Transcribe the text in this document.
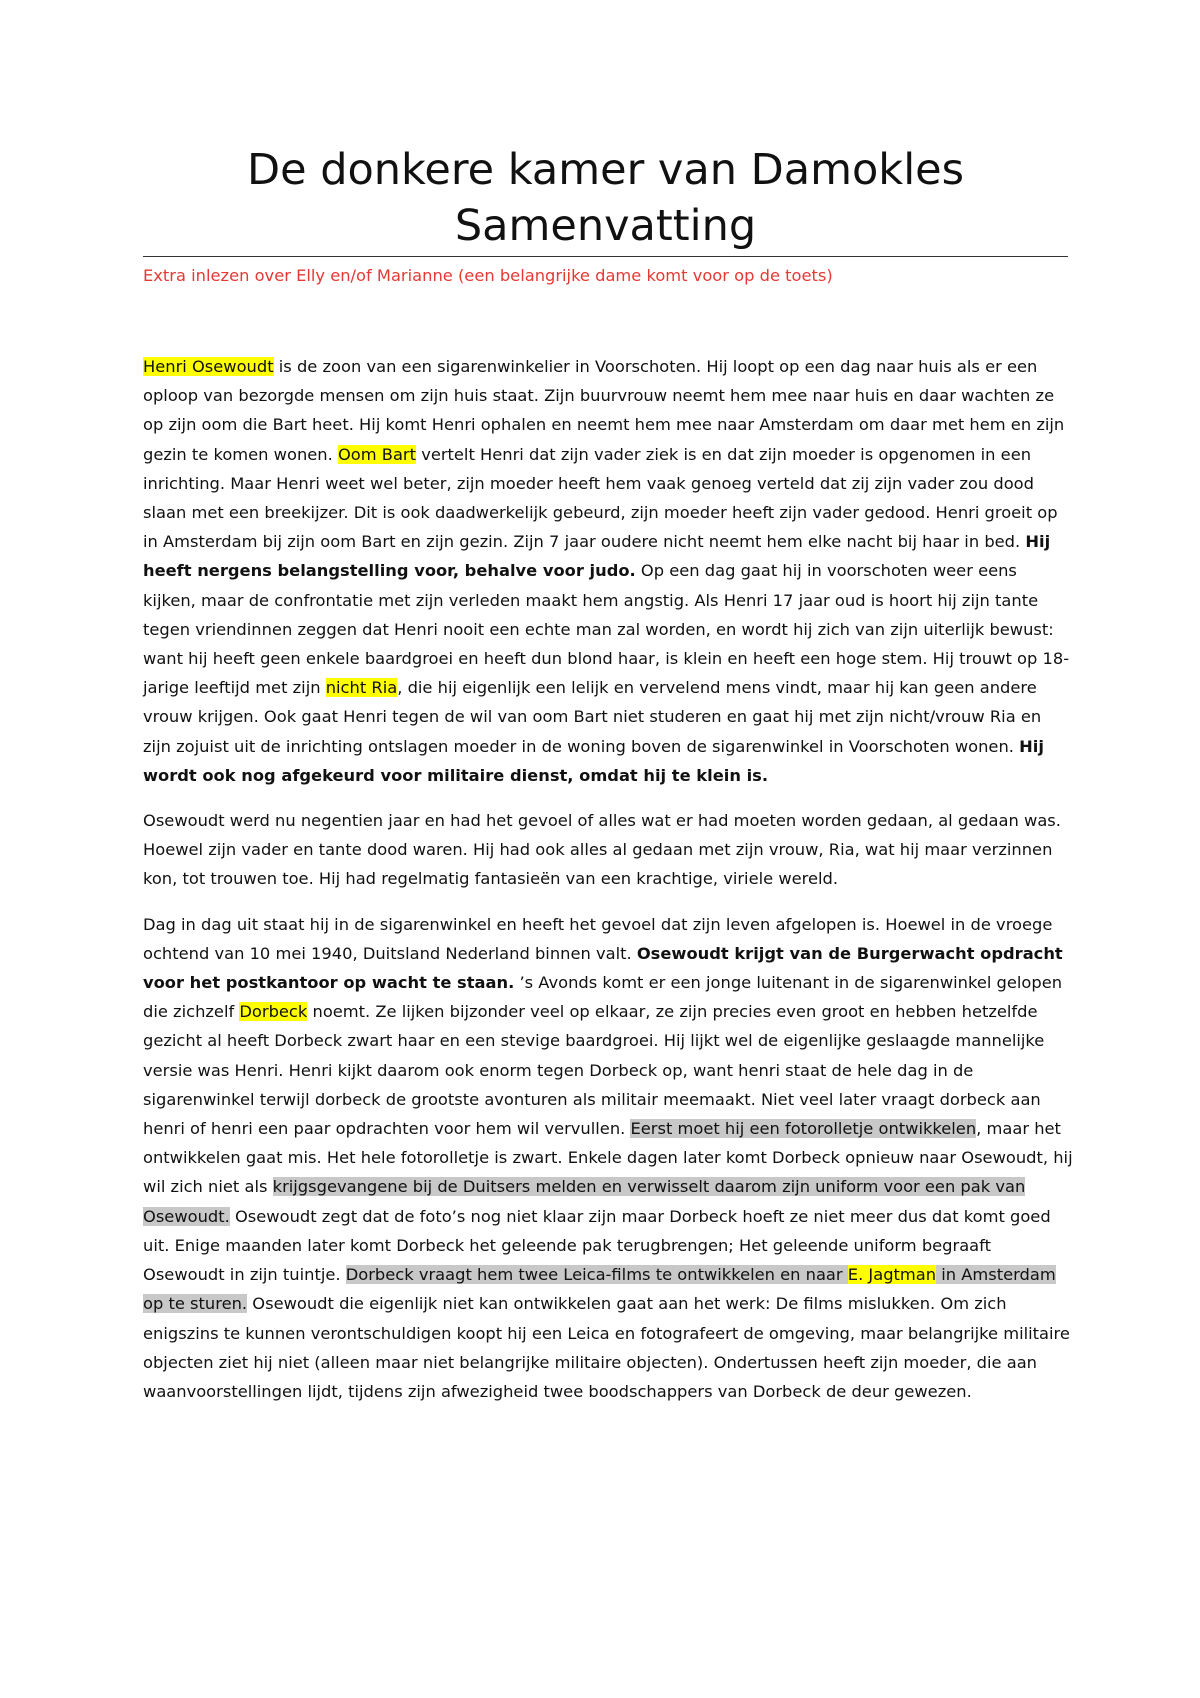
De donkere kamer van Damokles
Samenvatting
Extra inlezen over Elly en/of Marianne (een belangrijke dame komt voor op de toets)

Henri Osewoudt is de zoon van een sigarenwinkelier in Voorschoten. Hij loopt op een dag naar huis als er een oploop van bezorgde mensen om zijn huis staat. Zijn buurvrouw neemt hem mee naar huis en daar wachten ze op zijn oom die Bart heet. Hij komt Henri ophalen en neemt hem mee naar Amsterdam om daar met hem en zijn gezin te komen wonen. Oom Bart vertelt Henri dat zijn vader ziek is en dat zijn moeder is opgenomen in een inrichting. Maar Henri weet wel beter, zijn moeder heeft hem vaak genoeg verteld dat zij zijn vader zou dood slaan met een breekijzer. Dit is ook daadwerkelijk gebeurd, zijn moeder heeft zijn vader gedood. Henri groeit op in Amsterdam bij zijn oom Bart en zijn gezin. Zijn 7 jaar oudere nicht neemt hem elke nacht bij haar in bed. Hij heeft nergens belangstelling voor, behalve voor judo. Op een dag gaat hij in voorschoten weer eens kijken, maar de confrontatie met zijn verleden maakt hem angstig. Als Henri 17 jaar oud is hoort hij zijn tante tegen vriendinnen zeggen dat Henri nooit een echte man zal worden, en wordt hij zich van zijn uiterlijk bewust: want hij heeft geen enkele baardgroei en heeft dun blond haar, is klein en heeft een hoge stem. Hij trouwt op 18-jarige leeftijd met zijn nicht Ria, die hij eigenlijk een lelijk en vervelend mens vindt, maar hij kan geen andere vrouw krijgen. Ook gaat Henri tegen de wil van oom Bart niet studeren en gaat hij met zijn nicht/vrouw Ria en zijn zojuist uit de inrichting ontslagen moeder in de woning boven de sigarenwinkel in Voorschoten wonen. Hij wordt ook nog afgekeurd voor militaire dienst, omdat hij te klein is.

Osewoudt werd nu negentien jaar en had het gevoel of alles wat er had moeten worden gedaan, al gedaan was. Hoewel zijn vader en tante dood waren. Hij had ook alles al gedaan met zijn vrouw, Ria, wat hij maar verzinnen kon, tot trouwen toe. Hij had regelmatig fantasieën van een krachtige, viriele wereld.

Dag in dag uit staat hij in de sigarenwinkel en heeft het gevoel dat zijn leven afgelopen is. Hoewel in de vroege ochtend van 10 mei 1940, Duitsland Nederland binnen valt. Osewoudt krijgt van de Burgerwacht opdracht voor het postkantoor op wacht te staan. ’s Avonds komt er een jonge luitenant in de sigarenwinkel gelopen die zichzelf Dorbeck noemt. Ze lijken bijzonder veel op elkaar, ze zijn precies even groot en hebben hetzelfde gezicht al heeft Dorbeck zwart haar en een stevige baardgroei. Hij lijkt wel de eigenlijke geslaagde mannelijke versie was Henri. Henri kijkt daarom ook enorm tegen Dorbeck op, want henri staat de hele dag in de sigarenwinkel terwijl dorbeck de grootste avonturen als militair meemaakt. Niet veel later vraagt dorbeck aan henri of henri een paar opdrachten voor hem wil vervullen. Eerst moet hij een fotorolletje ontwikkelen, maar het ontwikkelen gaat mis. Het hele fotorolletje is zwart. Enkele dagen later komt Dorbeck opnieuw naar Osewoudt, hij wil zich niet als krijgsgevangene bij de Duitsers melden en verwisselt daarom zijn uniform voor een pak van Osewoudt. Osewoudt zegt dat de foto’s nog niet klaar zijn maar Dorbeck hoeft ze niet meer dus dat komt goed uit. Enige maanden later komt Dorbeck het geleende pak terugbrengen; Het geleende uniform begraaft Osewoudt in zijn tuintje. Dorbeck vraagt hem twee Leica-films te ontwikkelen en naar E. Jagtman in Amsterdam op te sturen. Osewoudt die eigenlijk niet kan ontwikkelen gaat aan het werk: De films mislukken. Om zich enigszins te kunnen verontschuldigen koopt hij een Leica en fotografeert de omgeving, maar belangrijke militaire objecten ziet hij niet (alleen maar niet belangrijke militaire objecten). Ondertussen heeft zijn moeder, die aan waanvoorstellingen lijdt, tijdens zijn afwezigheid twee boodschappers van Dorbeck de deur gewezen.
